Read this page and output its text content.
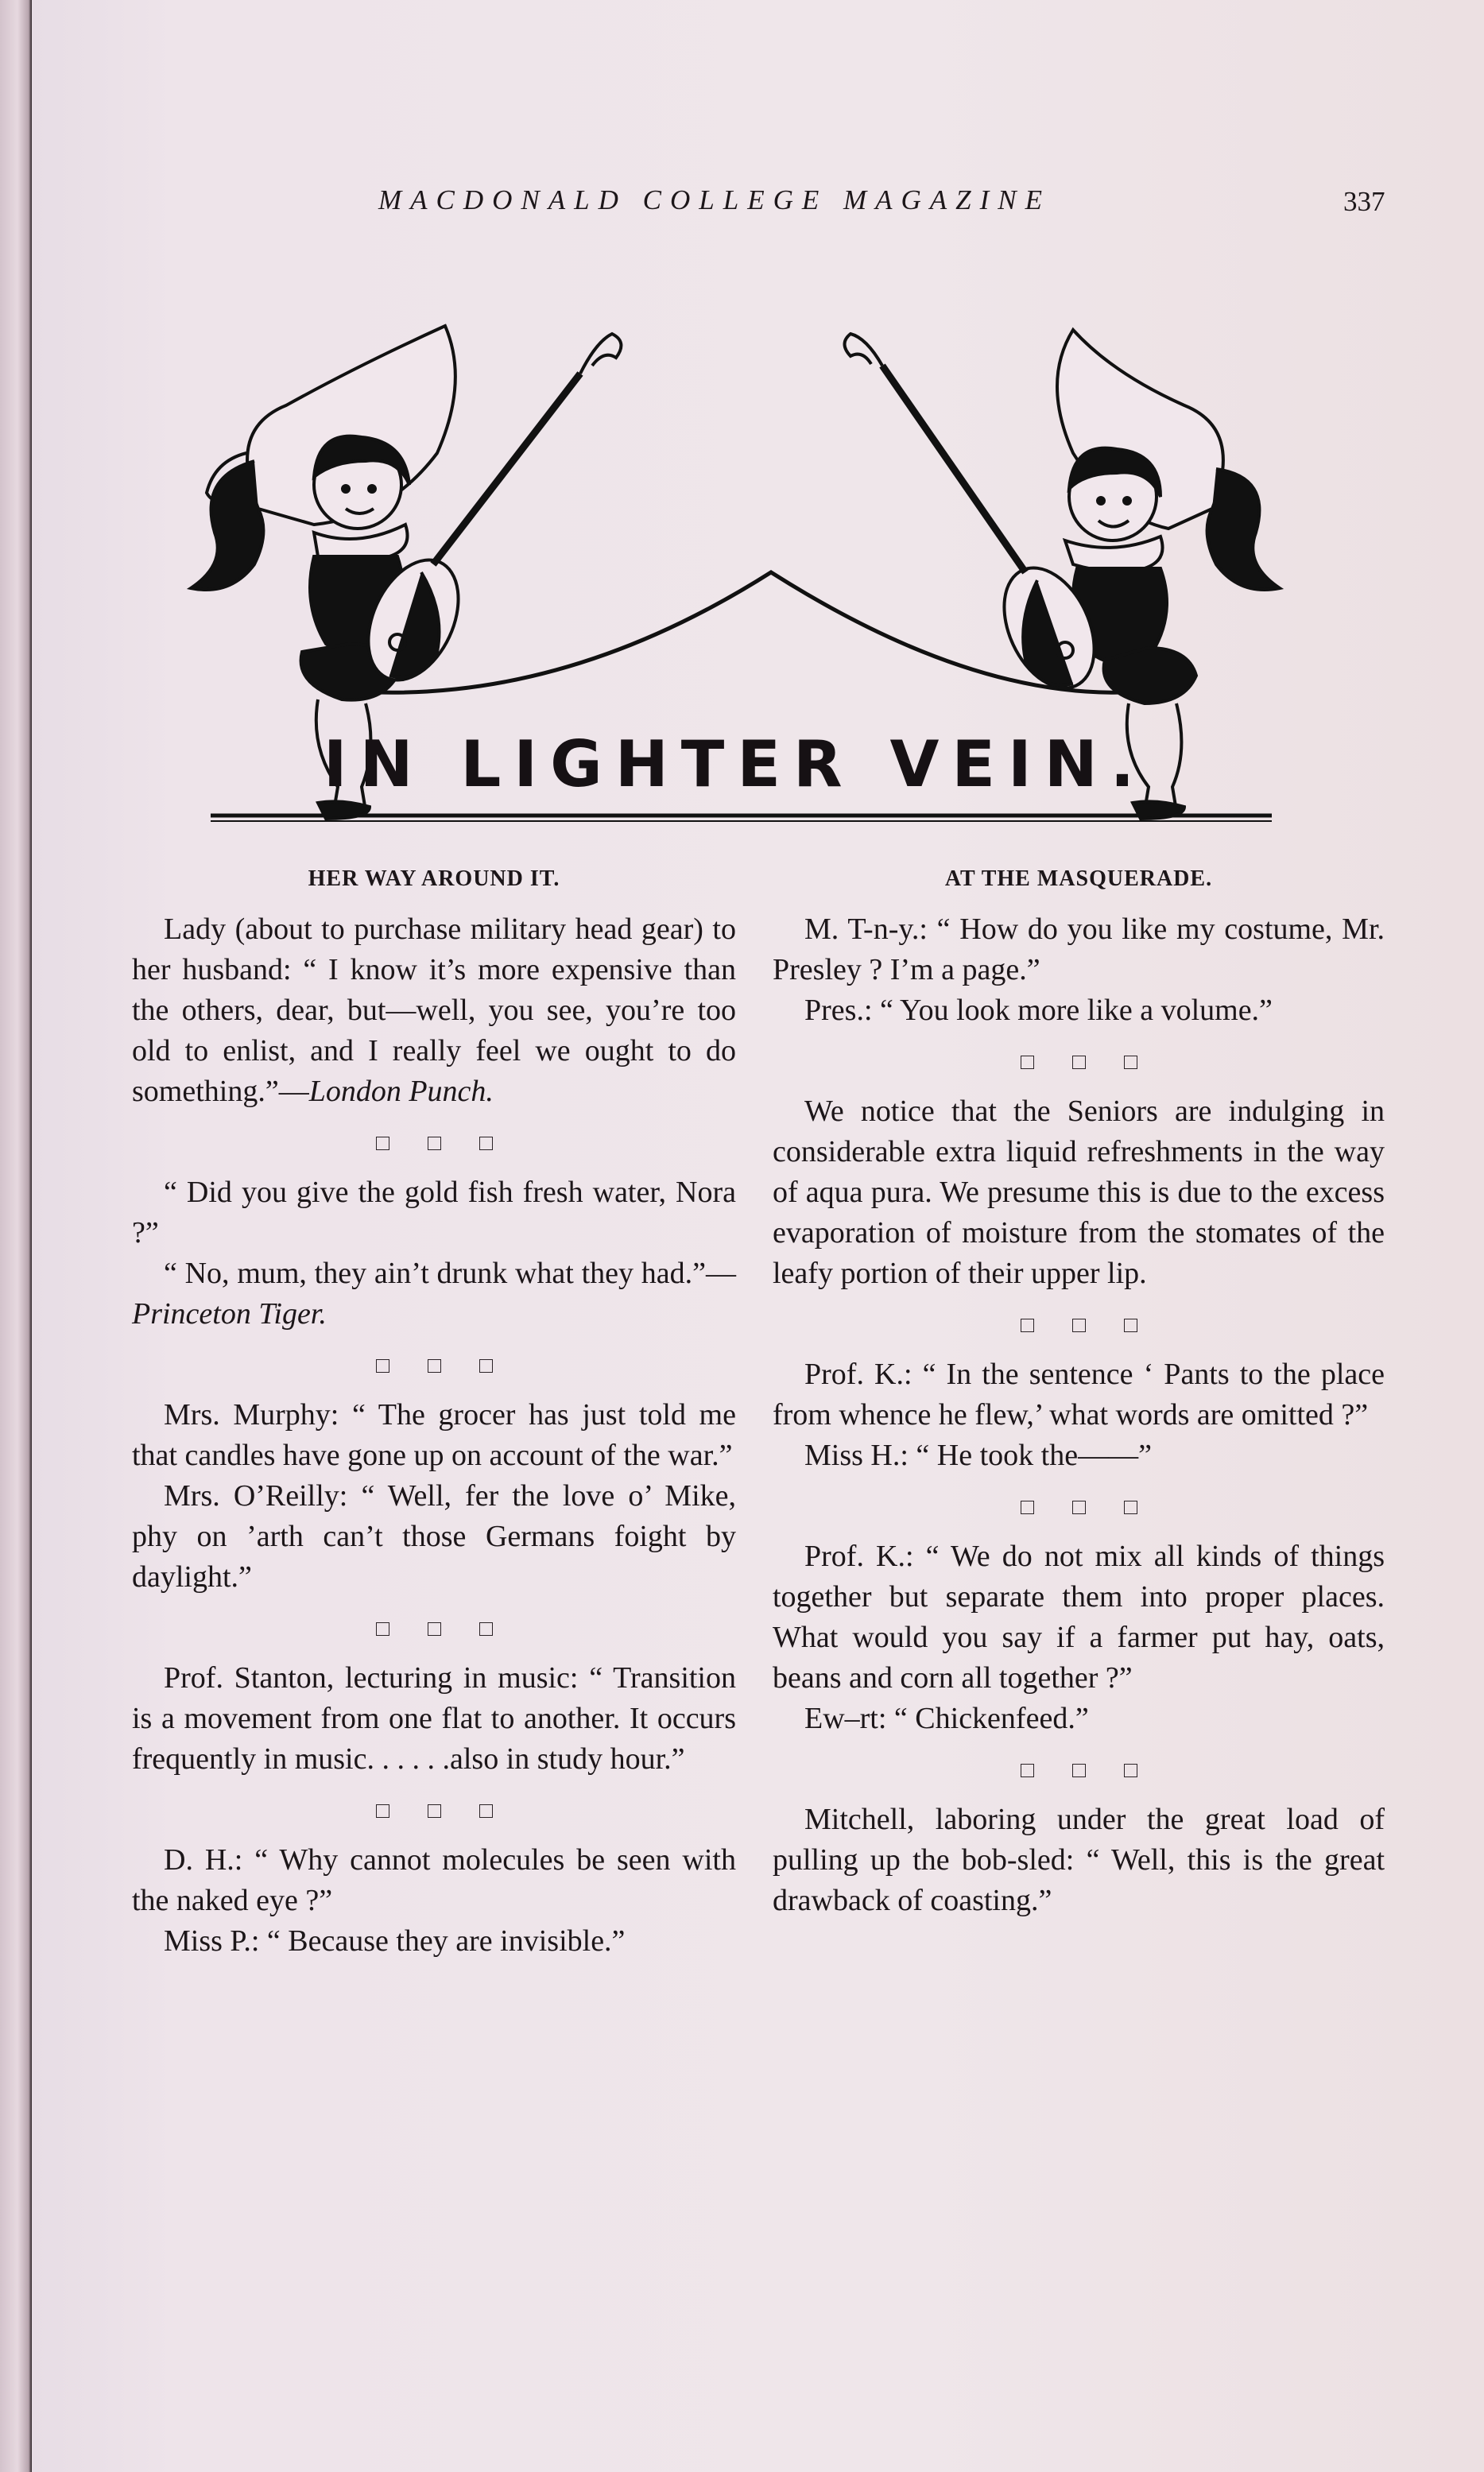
MACDONALD COLLEGE MAGAZINE	337
IN LIGHTER VEIN.
HER WAY AROUND IT.

Lady (about to purchase military head gear) to her husband: “ I know it’s more expensive than the others, dear, but—well, you see, you’re too old to enlist, and I really feel we ought to do something.”—London Punch.

“ Did you give the gold fish fresh water, Nora ?”

“ No, mum, they ain’t drunk what they had.”—Princeton Tiger.

Mrs. Murphy: “ The grocer has just told me that candles have gone up on account of the war.”

Mrs. O’Reilly: “ Well, fer the love o’ Mike, phy on ’arth can’t those Germans foight by daylight.”

Prof. Stanton, lecturing in music: “ Transition is a movement from one flat to another. It occurs frequently in music. . . . . .also in study hour.”

D. H.: “ Why cannot molecules be seen with the naked eye ?”

Miss P.: “ Because they are invisible.”

AT THE MASQUERADE.

M. T-n-y.: “ How do you like my costume, Mr. Presley ? I’m a page.”

Pres.: “ You look more like a volume.”

We notice that the Seniors are indulging in considerable extra liquid refreshments in the way of aqua pura. We presume this is due to the excess evaporation of moisture from the stomates of the leafy portion of their upper lip.

Prof. K.: “ In the sentence ‘ Pants to the place from whence he flew,’ what words are omitted ?”

Miss H.: “ He took the——”

Prof. K.: “ We do not mix all kinds of things together but separate them into proper places. What would you say if a farmer put hay, oats, beans and corn all together ?”

Ew–rt: “ Chickenfeed.”

Mitchell, laboring under the great load of pulling up the bob-sled: “ Well, this is the great drawback of coasting.”
